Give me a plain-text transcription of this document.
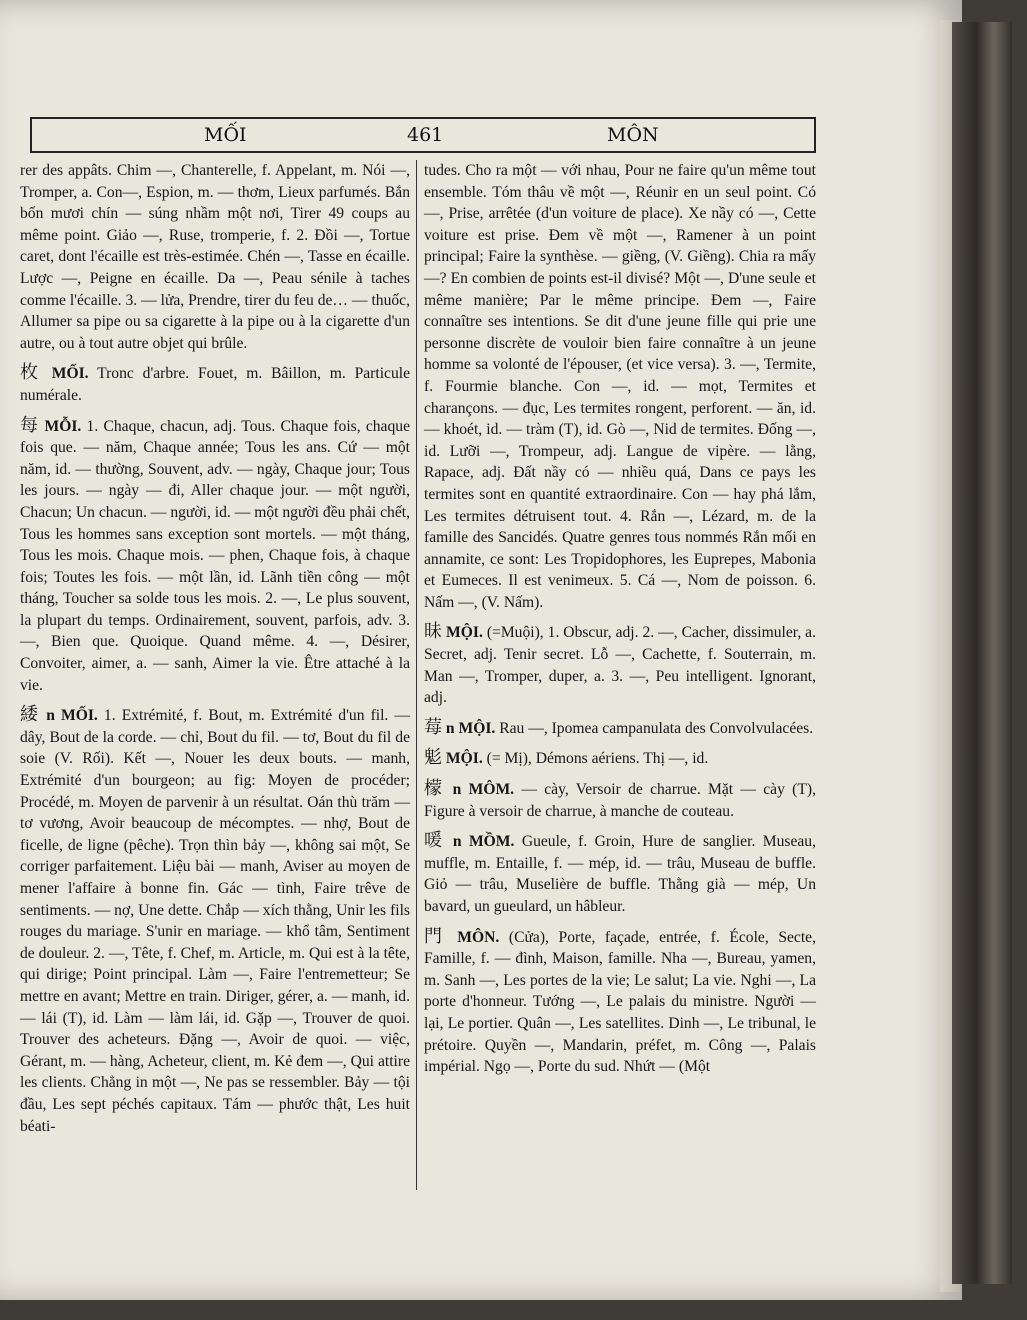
MỐI	461	MÔN

rer des appâts. Chim —, Chanterelle, f. Appelant, m. Nói —, Tromper, a. Con—, Espion, m. — thơm, Lieux parfumés. Bắn bốn mươi chín — súng nhầm một nơi, Tirer 49 coups au même point. Giảo —, Ruse, tromperie, f. 2. Đồi —, Tortue caret, dont l'écaille est très-estimée. Chén —, Tasse en écaille. Lược —, Peigne en écaille. Da —, Peau sénile à taches comme l'écaille. 3. — lửa, Prendre, tirer du feu de… — thuốc, Allumer sa pipe ou sa cigarette à la pipe ou à la cigarette d'un autre, ou à tout autre objet qui brûle.

枚 MỐI. Tronc d'arbre. Fouet, m. Bâillon, m. Particule numérale.

每 MỖI. 1. Chaque, chacun, adj. Tous. Chaque fois, chaque fois que. — năm, Chaque année; Tous les ans. Cứ — một năm, id. — thường, Souvent, adv. — ngày, Chaque jour; Tous les jours. — ngày — đi, Aller chaque jour. — một người, Chacun; Un chacun. — người, id. — một người đều phải chết, Tous les hommes sans exception sont mortels. — một tháng, Tous les mois. Chaque mois. — phen, Chaque fois, à chaque fois; Toutes les fois. — một lần, id. Lãnh tiền công — một tháng, Toucher sa solde tous les mois. 2. —, Le plus souvent, la plupart du temps. Ordinairement, souvent, parfois, adv. 3. —, Bien que. Quoique. Quand même. 4. —, Désirer, Convoiter, aimer, a. — sanh, Aimer la vie. Être attaché à la vie.

緌 n MỐI. 1. Extrémité, f. Bout, m. Extrémité d'un fil. — dây, Bout de la corde. — chỉ, Bout du fil. — tơ, Bout du fil de soie (V. Rối). Kết —, Nouer les deux bouts. — manh, Extrémité d'un bourgeon; au fig: Moyen de procéder; Procédé, m. Moyen de parvenir à un résultat. Oán thù trăm — tơ vương, Avoir beaucoup de mécomptes. — nhợ, Bout de ficelle, de ligne (pêche). Trọn thìn bảy —, không sai một, Se corriger parfaitement. Liệu bài — manh, Aviser au moyen de mener l'affaire à bonne fin. Gác — tình, Faire trêve de sentiments. — nợ, Une dette. Chắp — xích thằng, Unir les fils rouges du mariage. S'unir en mariage. — khổ tâm, Sentiment de douleur. 2. —, Tête, f. Chef, m. Article, m. Qui est à la tête, qui dirige; Point principal. Làm —, Faire l'entremetteur; Se mettre en avant; Mettre en train. Diriger, gérer, a. — manh, id. — lái (T), id. Làm — làm lái, id. Gặp —, Trouver de quoi. Trouver des acheteurs. Đặng —, Avoir de quoi. — việc, Gérant, m. — hàng, Acheteur, client, m. Kẻ đem —, Qui attire les clients. Chẳng in một —, Ne pas se ressembler. Bảy — tội đầu, Les sept péchés capitaux. Tám — phước thật, Les huit béati-

tudes. Cho ra một — với nhau, Pour ne faire qu'un même tout ensemble. Tóm thâu về một —, Réunir en un seul point. Có —, Prise, arrêtée (d'un voiture de place). Xe nầy có —, Cette voiture est prise. Đem về một —, Ramener à un point principal; Faire la synthèse. — giềng, (V. Giềng). Chia ra mấy —? En combien de points est-il divisé? Một —, D'une seule et même manière; Par le même principe. Đem —, Faire connaître ses intentions. Se dit d'une jeune fille qui prie une personne discrète de vouloir bien faire connaître à un jeune homme sa volonté de l'épouser, (et vice versa). 3. —, Termite, f. Fourmie blanche. Con —, id. — mọt, Termites et charançons. — đục, Les termites rongent, perforent. — ăn, id. — khoét, id. — tràm (T), id. Gò —, Nid de termites. Đống —, id. Lưỡi —, Trompeur, adj. Langue de vipère. — lằng, Rapace, adj. Đất nầy có — nhiều quá, Dans ce pays les termites sont en quantité extraordinaire. Con — hay phá lắm, Les termites détruisent tout. 4. Rắn —, Lézard, m. de la famille des Sancidés. Quatre genres tous nommés Rắn mối en annamite, ce sont: Les Tropidophores, les Euprepes, Mabonia et Eumeces. Il est venimeux. 5. Cá —, Nom de poisson. 6. Nấm —, (V. Nấm).

昧 MỘI. (=Muội), 1. Obscur, adj. 2. —, Cacher, dissimuler, a. Secret, adj. Tenir secret. Lỗ —, Cachette, f. Souterrain, m. Man —, Tromper, duper, a. 3. —, Peu intelligent. Ignorant, adj.

莓 n MỘI. Rau —, Ipomea campanulata des Convolvulacées.

鬽 MỘI. (= Mị), Démons aériens. Thị —, id.

檬 n MÔM. — cày, Versoir de charrue. Mặt — cày (T), Figure à versoir de charrue, à manche de couteau.

喛 n MỒM. Gueule, f. Groin, Hure de sanglier. Museau, muffle, m. Entaille, f. — mép, id. — trâu, Museau de buffle. Giỏ — trâu, Muselière de buffle. Thằng già — mép, Un bavard, un gueulard, un hâbleur.

門 MÔN. (Cửa), Porte, façade, entrée, f. École, Secte, Famille, f. — đình, Maison, famille. Nha —, Bureau, yamen, m. Sanh —, Les portes de la vie; Le salut; La vie. Nghi —, La porte d'honneur. Tướng —, Le palais du ministre. Người — lại, Le portier. Quân —, Les satellites. Dinh —, Le tribunal, le prétoire. Quyền —, Mandarin, préfet, m. Công —, Palais impérial. Ngọ —, Porte du sud. Nhứt — (Một
